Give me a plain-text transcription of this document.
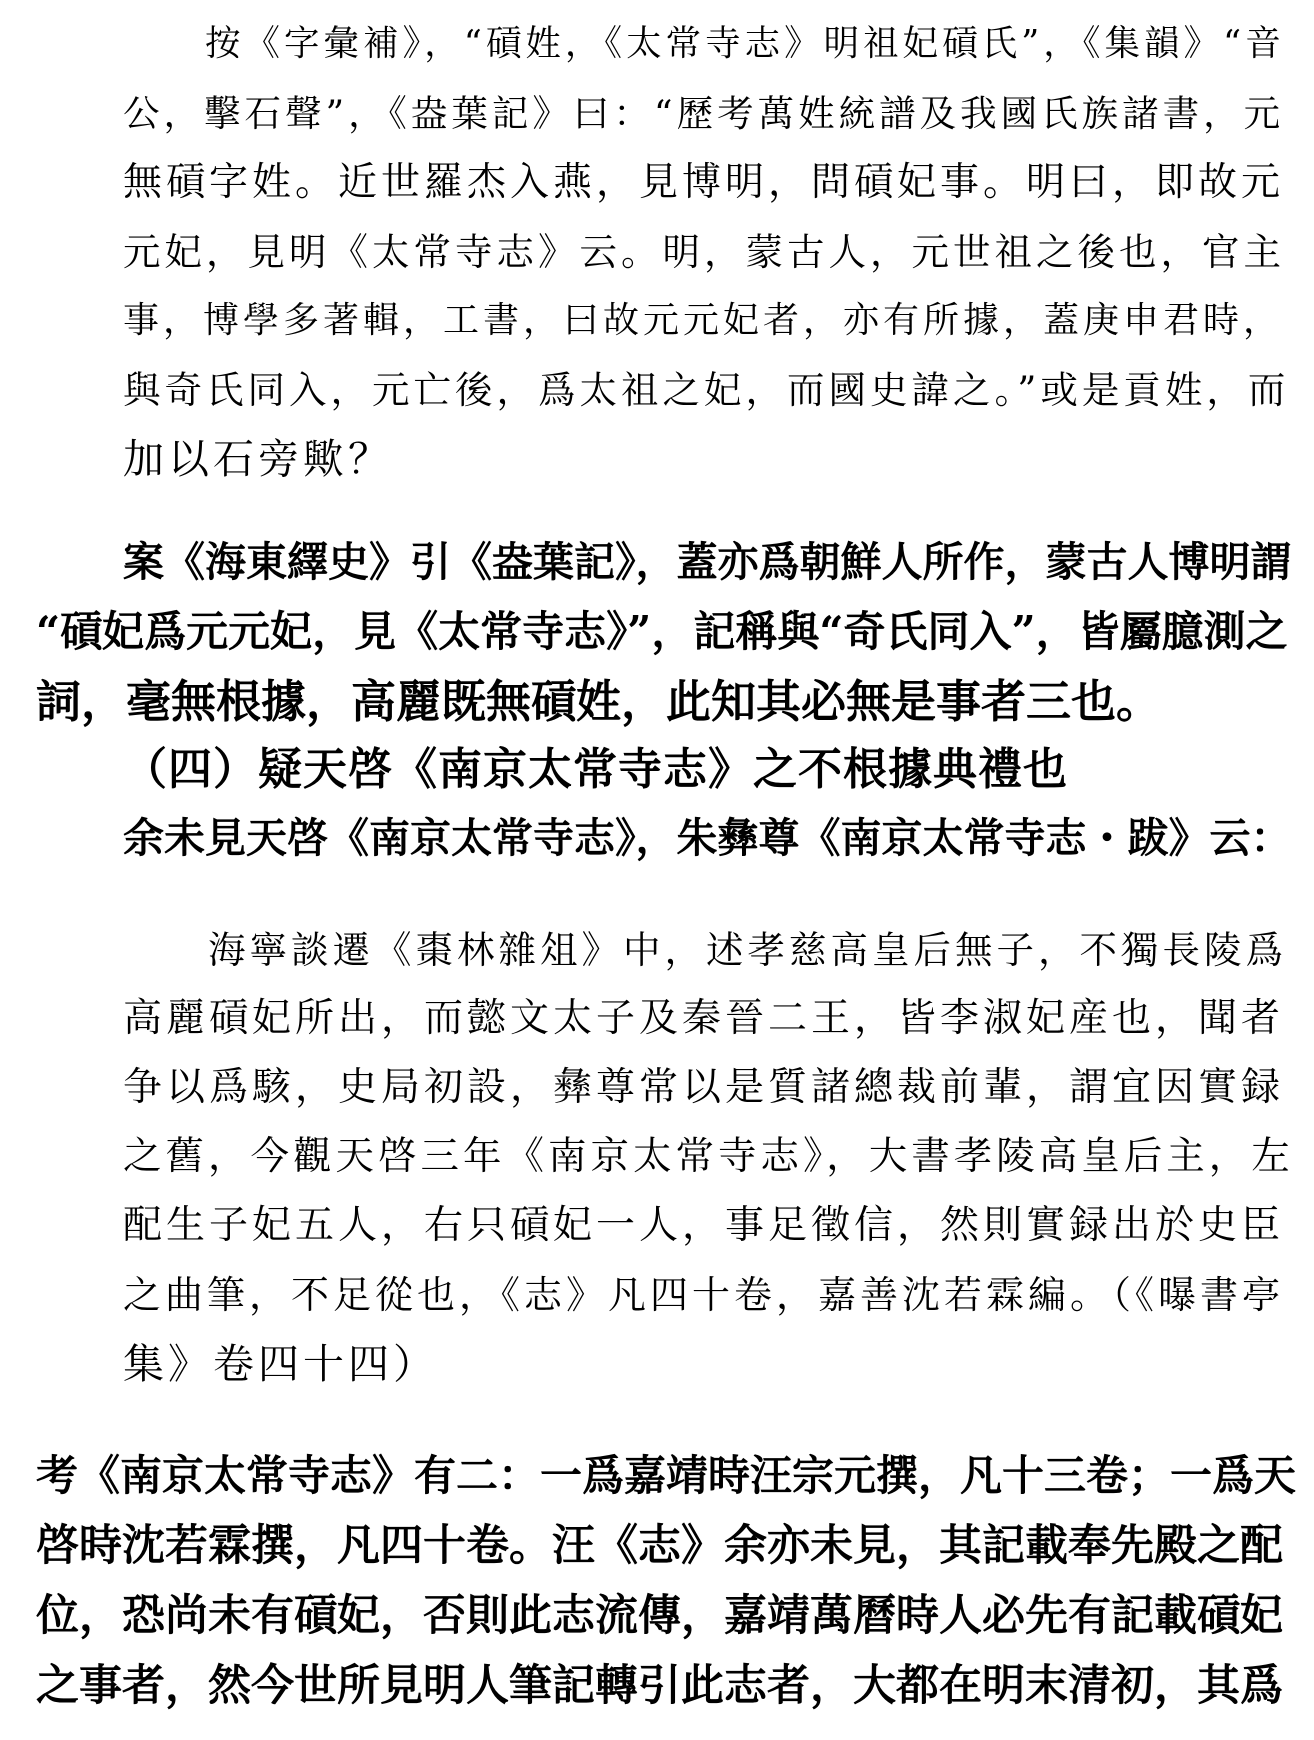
按《字彙補》，“碽姓，《太常寺志》明祖妃碽氏”，《集韻》“音
公，擊石聲”，《盎葉記》曰：“歷考萬姓統譜及我國氏族諸書，元
無碽字姓。近世羅杰入燕，見博明，問碽妃事。明曰，即故元
元妃，見明《太常寺志》云。明，蒙古人，元世祖之後也，官主
事，博學多著輯，工書，曰故元元妃者，亦有所據，蓋庚申君時，
與奇氏同入，元亡後，爲太祖之妃，而國史諱之。”或是貢姓，而
加以石旁歟？
案《海東繹史》引《盎葉記》，蓋亦爲朝鮮人所作，蒙古人博明謂
“碽妃爲元元妃，見《太常寺志》”，記稱與“奇氏同入”，皆屬臆測之
詞，毫無根據，高麗既無碽姓，此知其必無是事者三也。
（四）疑天啓《南京太常寺志》之不根據典禮也
余未見天啓《南京太常寺志》，朱彝尊《南京太常寺志・跋》云：
海寧談遷《棗林雜俎》中，述孝慈高皇后無子，不獨長陵爲
高麗碽妃所出，而懿文太子及秦晉二王，皆李淑妃産也，聞者
争以爲駭，史局初設，彝尊常以是質諸總裁前輩，謂宜因實録
之舊，今觀天啓三年《南京太常寺志》，大書孝陵高皇后主，左
配生子妃五人，右只碽妃一人，事足徵信，然則實録出於史臣
之曲筆，不足從也，《志》凡四十卷，嘉善沈若霖編。（《曝書亭
集》卷四十四）
考《南京太常寺志》有二：一爲嘉靖時汪宗元撰，凡十三卷；一爲天
啓時沈若霖撰，凡四十卷。汪《志》余亦未見，其記載奉先殿之配
位，恐尚未有碽妃，否則此志流傳，嘉靖萬曆時人必先有記載碽妃
之事者，然今世所見明人筆記轉引此志者，大都在明末清初，其爲
